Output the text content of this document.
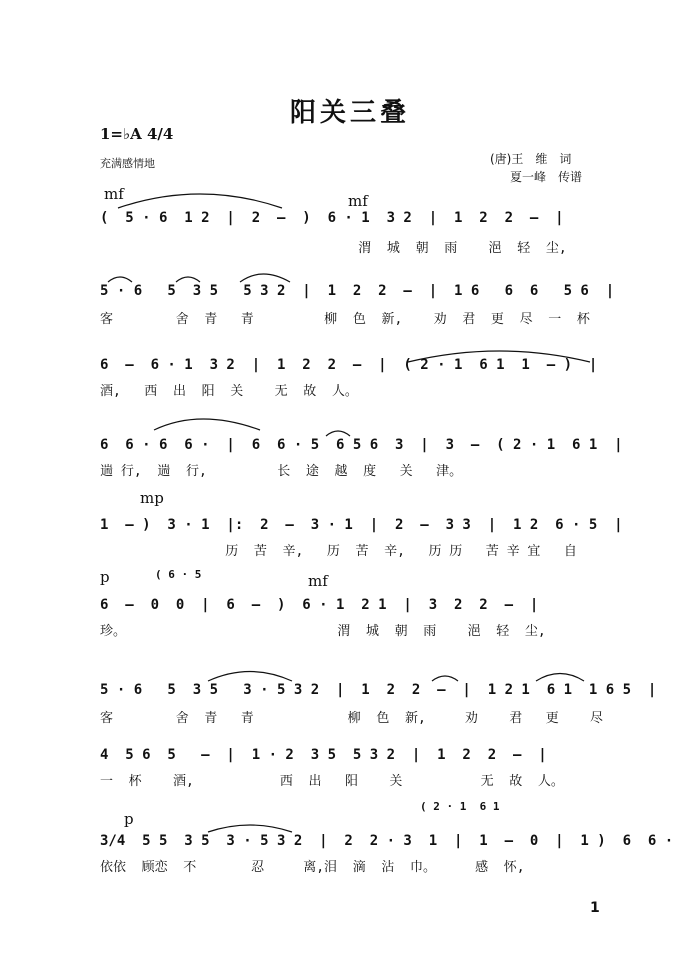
阳关三叠
1=♭A 4/4
充满感情地	(唐)王　维　词
夏一峰　传谱
mf	mf
mp
p	mf
p
( 6 · 5
( 2 · 1  6 1
(  5 · 6  1 2  |  2  –  )  6 · 1  3 2  |  1  2  2  –  |
渭  城  朝  雨    浥  轻  尘,
5 · 6   5  3 5   5 3 2  |  1  2  2  –  |  1 6   6  6   5 6  |
客        舍  青   青         柳  色  新,    劝  君  更  尽  一  杯
6  –  6 · 1  3 2  |  1  2  2  –  |  ( 2 · 1  6 1  1  – )  |
酒,   西  出  阳  关    无  故  人。
6  6 · 6  6 ·  |  6  6 · 5  6 5 6  3  |  3  –  ( 2 · 1  6 1  |
遄 行,  遄  行,         长  途  越  度   关   津。
1  – )  3 · 1  |:  2  –  3 · 1  |  2  –  3 3  |  1 2  6 · 5  |
历  苦  辛,   历  苦  辛,   历 历   苦 辛 宜   自
6  –  0  0  |  6  –  )  6 · 1  2 1  |  3  2  2  –  |
珍。                           渭  城  朝  雨    浥  轻  尘,
5 · 6   5  3 5   3 · 5 3 2  |  1  2  2  –  |  1 2 1  6 1  1 6 5  |
客        舍  青   青            柳  色  新,     劝    君   更    尽
4  5 6  5   –  |  1 · 2  3 5  5 3 2  |  1  2  2  –  |
一  杯    酒,           西  出   阳    关          无  故  人。
3/4  5 5  3 5  3 · 5 3 2  |  2  2 · 3  1  |  1  –  0  |  1 )  6  6 ·
依依  顾恋  不       忍     离,泪  滴  沾  巾。     感  怀,
1
